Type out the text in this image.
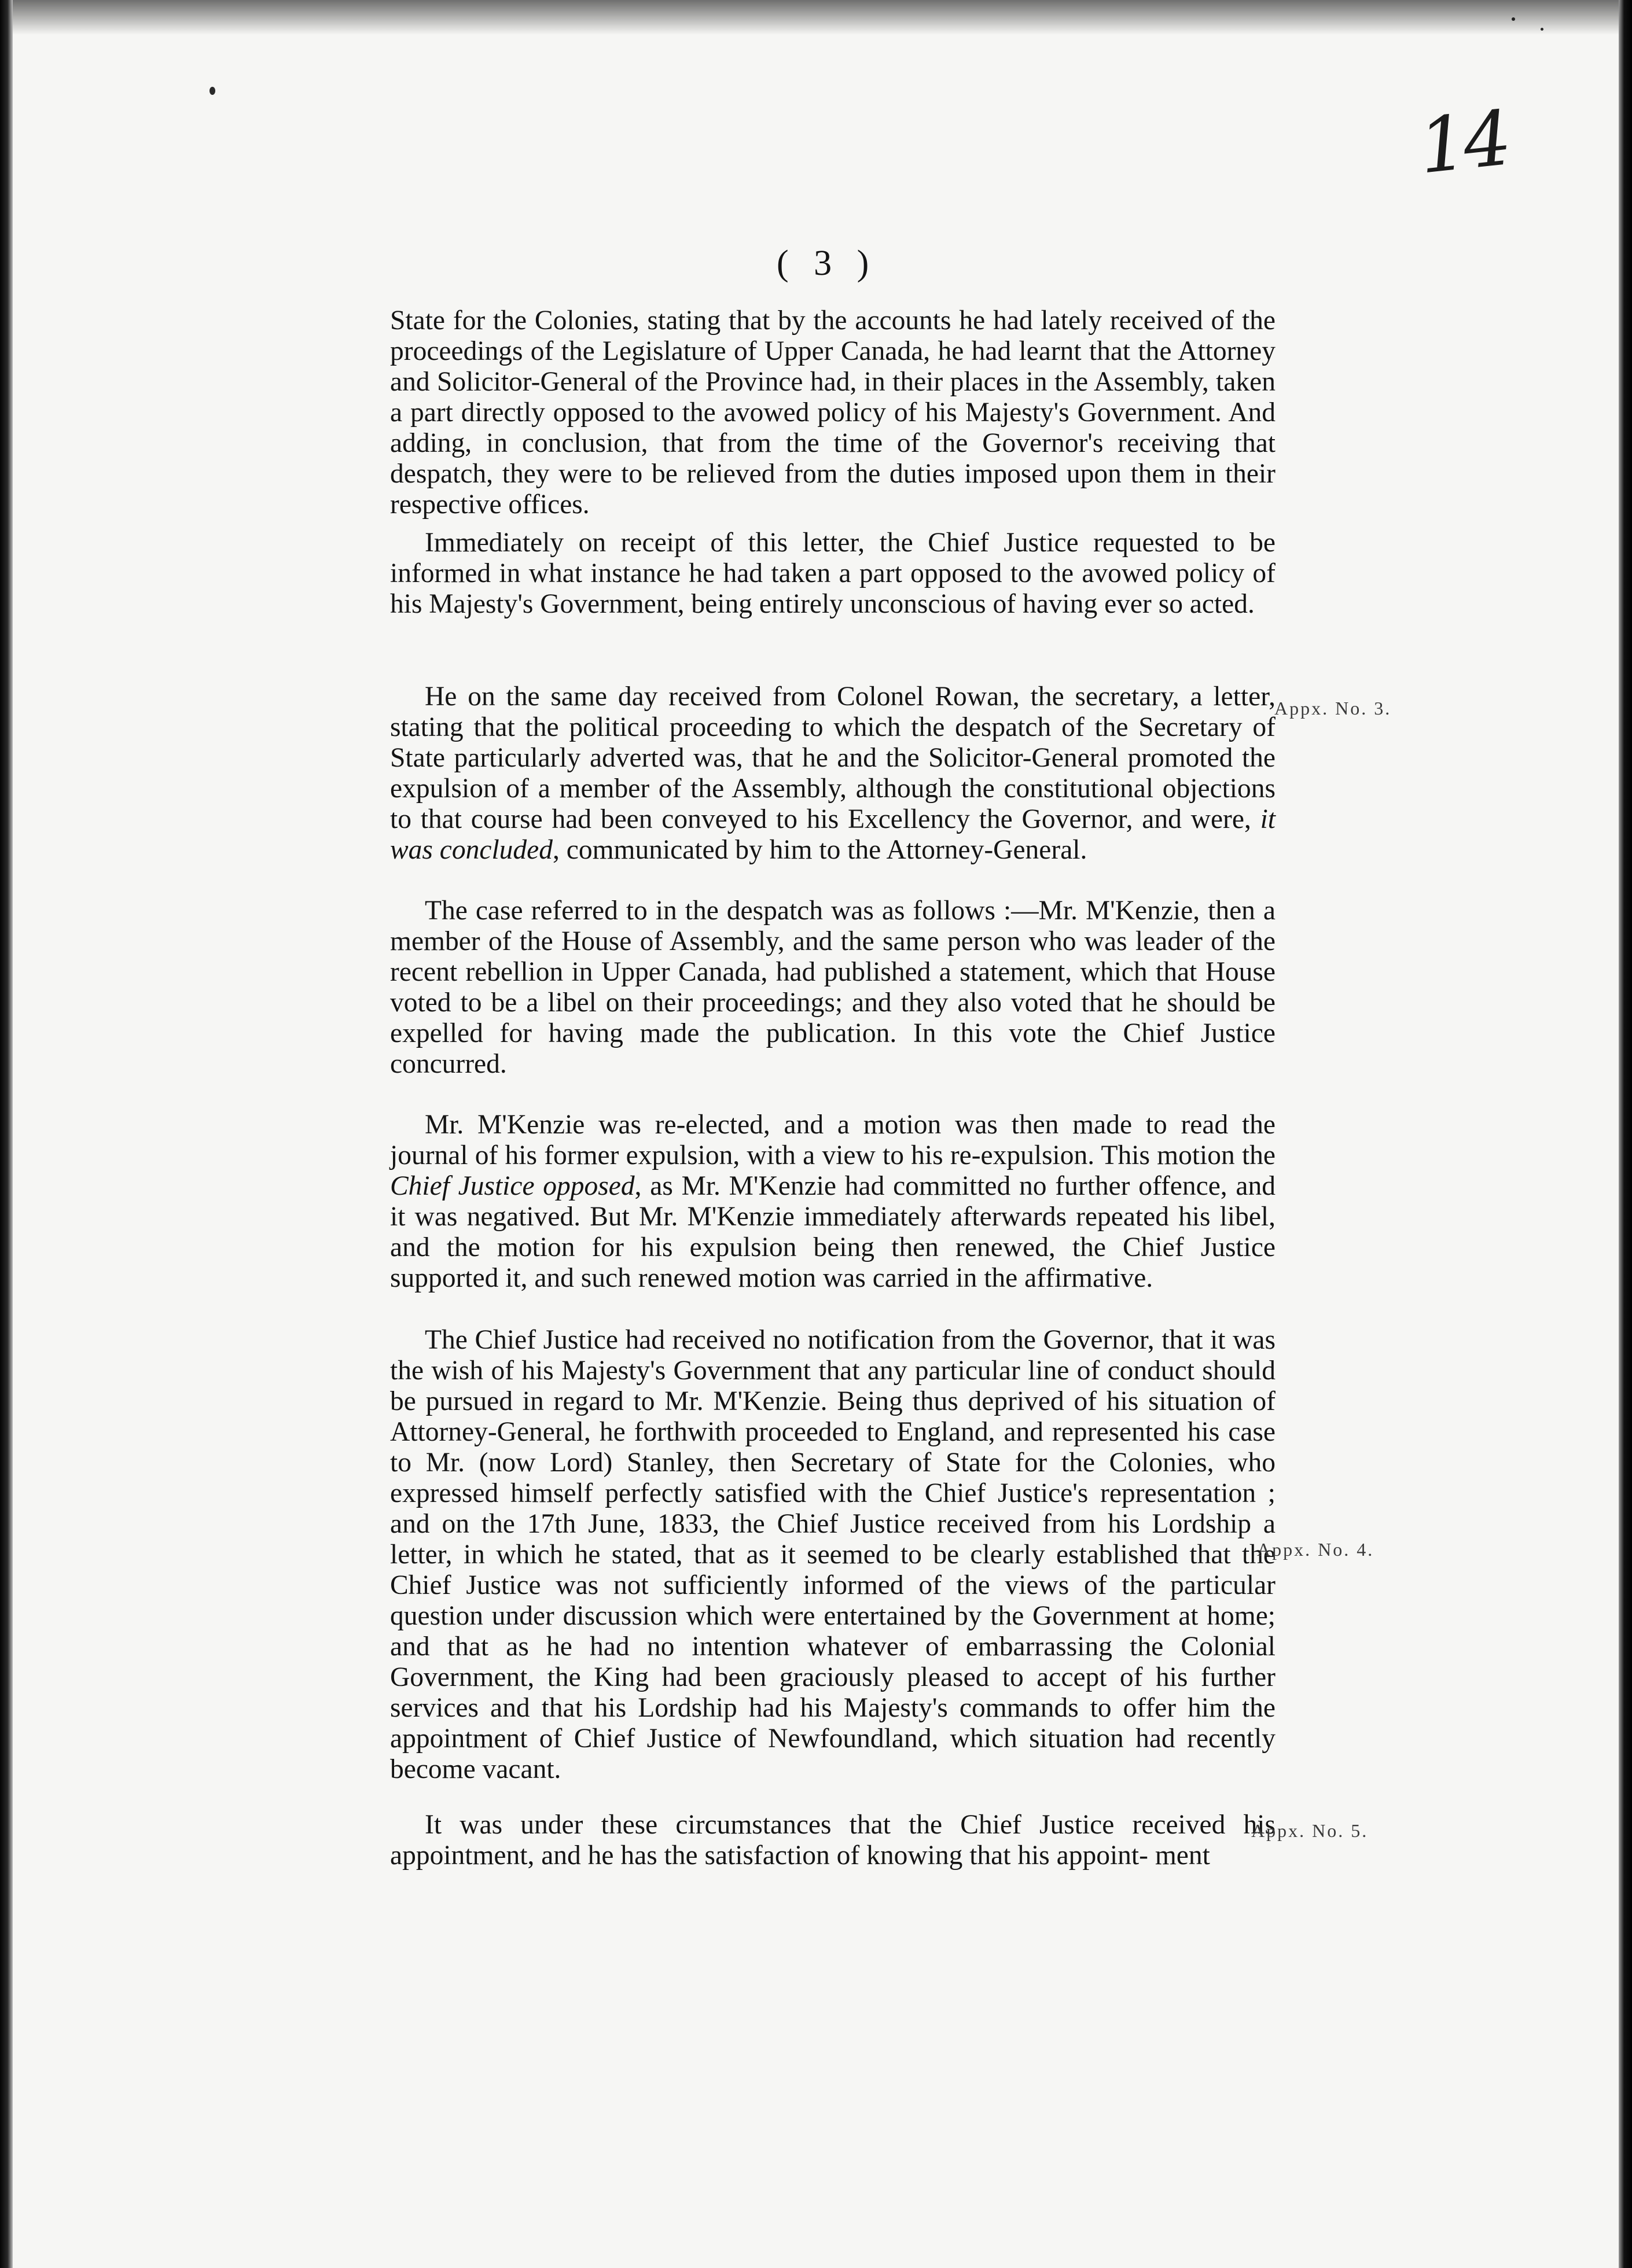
14
( 3 )
State for the Colonies, stating that by the accounts he had lately received of the proceedings of the Legislature of Upper Canada, he had learnt that the Attorney and Solicitor-General of the Province had, in their places in the Assembly, taken a part directly opposed to the avowed policy of his Majesty's Government. And adding, in conclusion, that from the time of the Governor's receiving that despatch, they were to be relieved from the duties imposed upon them in their respective offices.
Immediately on receipt of this letter, the Chief Justice requested to be informed in what instance he had taken a part opposed to the avowed policy of his Majesty's Government, being entirely unconscious of having ever so acted.
He on the same day received from Colonel Rowan, the secretary, a letter, stating that the political proceeding to which the despatch of the Secretary of State particularly adverted was, that he and the Solicitor-General promoted the expulsion of a member of the Assembly, although the constitutional objections to that course had been conveyed to his Excellency the Governor, and were, it was concluded, communicated by him to the Attorney-General.
The case referred to in the despatch was as follows :—Mr. M'Kenzie, then a member of the House of Assembly, and the same person who was leader of the recent rebellion in Upper Canada, had published a statement, which that House voted to be a libel on their proceedings; and they also voted that he should be expelled for having made the publication. In this vote the Chief Justice concurred.
Mr. M'Kenzie was re-elected, and a motion was then made to read the journal of his former expulsion, with a view to his re-expulsion. This motion the Chief Justice opposed, as Mr. M'Kenzie had committed no further offence, and it was negatived. But Mr. M'Kenzie immediately afterwards repeated his libel, and the motion for his expulsion being then renewed, the Chief Justice supported it, and such renewed motion was carried in the affirmative.
The Chief Justice had received no notification from the Governor, that it was the wish of his Majesty's Government that any particular line of conduct should be pursued in regard to Mr. M'Kenzie. Being thus deprived of his situation of Attorney-General, he forthwith proceeded to England, and represented his case to Mr. (now Lord) Stanley, then Secretary of State for the Colonies, who expressed himself perfectly satisfied with the Chief Justice's representation ; and on the 17th June, 1833, the Chief Justice received from his Lordship a letter, in which he stated, that as it seemed to be clearly established that the Chief Justice was not sufficiently informed of the views of the particular question under discussion which were entertained by the Government at home; and that as he had no intention whatever of embarrassing the Colonial Government, the King had been graciously pleased to accept of his further services and that his Lordship had his Majesty's commands to offer him the appointment of Chief Justice of Newfoundland, which situation had recently become vacant.
It was under these circumstances that the Chief Justice received his appointment, and he has the satisfaction of knowing that his appoint- ment
Appx. No. 3.
Appx. No. 4.
Appx. No. 5.
